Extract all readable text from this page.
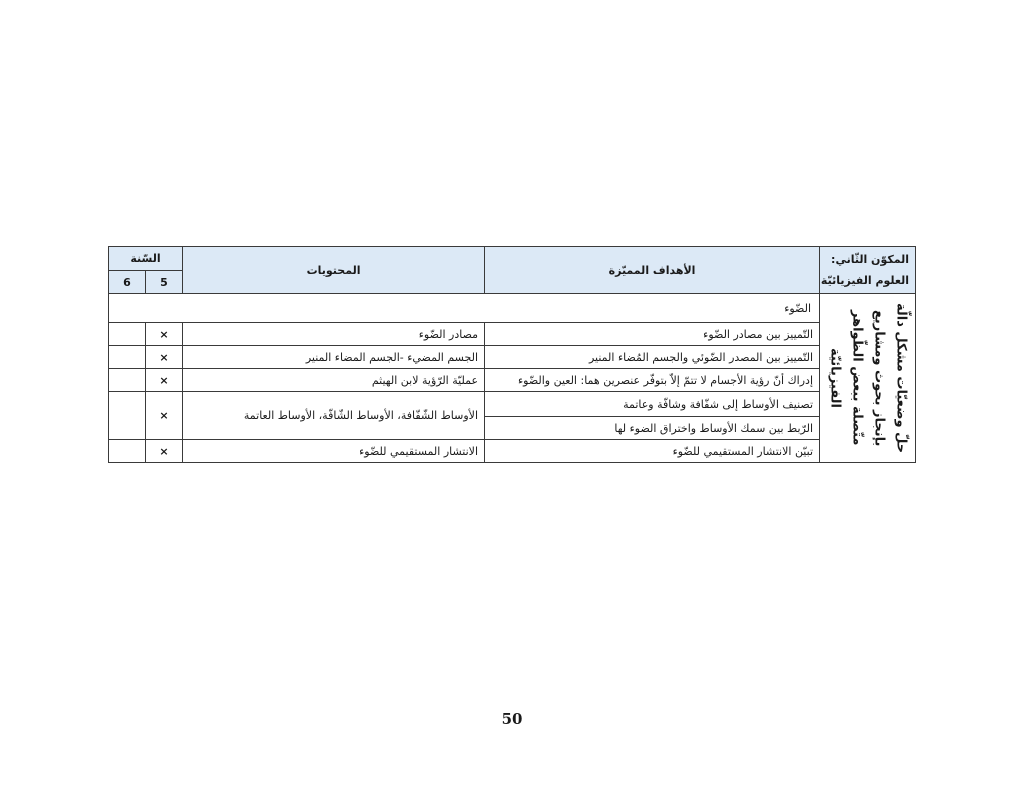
السّنة		المحتويات	الأهداف المميّزة	المكوّن الثّاني:
العلوم الفيزيائيّة

6	5			
الضّوء				حلّ وضعيّات مشكل دالّة بإنجاز بحوث ومشاريع متّصلة ببعض الظّواهر الفيزيائيّة

	×	مصادر الضّوء	التّمييز بين مصادر الضّوء	
	×	الجسم المضيء -الجسم المضاء المنير	التّمييز بين المصدر الضّوئي والجسم المُضاء المنير	
	×	عمليّة الرّؤية لابن الهيثم	إدراك أنّ رؤية الأجسام لا تتمّ إلاّ بتوفّر عنصرين هما: العين والضّوء	
	×	الأوساط الشّفّافة، الأوساط الشّافّة، الأوساط العاتمة	تصنيف الأوساط إلى شفّافة وشافّة وعاتمة	
			الرّبط بين سمك الأوساط واختراق الضوء لها	
	×	الانتشار المستقيمي للضّوء	تبيّن الانتشار المستقيمي للضّوء	
50
